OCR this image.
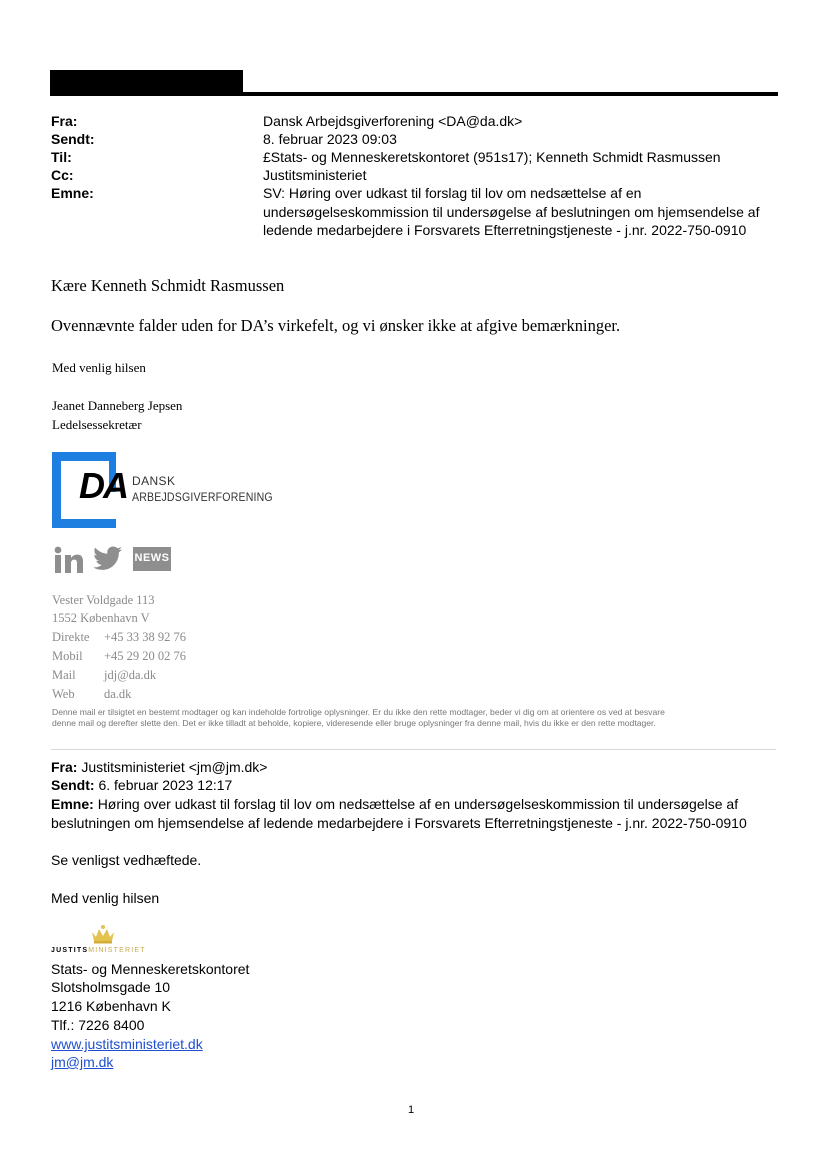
Fra:	Dansk Arbejdsgiverforening <DA@da.dk>
Sendt:	8. februar 2023 09:03
Til:	£Stats- og Menneskeretskontoret (951s17); Kenneth Schmidt Rasmussen
Cc:	Justitsministeriet
Emne:	SV: Høring over udkast til forslag til lov om nedsættelse af en
undersøgelseskommission til undersøgelse af beslutningen om hjemsendelse af
ledende medarbejdere i Forsvarets Efterretningstjeneste - j.nr. 2022-750-0910
Kære Kenneth Schmidt Rasmussen
Ovennævnte falder uden for DA’s virkefelt, og vi ønsker ikke at afgive bemærkninger.
Med venlig hilsen
Jeanet Danneberg Jepsen
Ledelsessekretær
DA DANSK
ARBEJDSGIVERFORENING
NEWS
Vester Voldgade 113
1552 København V
Direkte +45 33 38 92 76
Mobil +45 29 20 02 76
Mail jdj@da.dk
Web da.dk
Denne mail er tilsigtet en bestemt modtager og kan indeholde fortrolige oplysninger. Er du ikke den rette modtager, beder vi dig om at orientere os ved at besvare
denne mail og derefter slette den. Det er ikke tilladt at beholde, kopiere, videresende eller bruge oplysninger fra denne mail, hvis du ikke er den rette modtager.
Fra: Justitsministeriet <jm@jm.dk>
Sendt: 6. februar 2023 12:17
Emne: Høring over udkast til forslag til lov om nedsættelse af en undersøgelseskommission til undersøgelse af
beslutningen om hjemsendelse af ledende medarbejdere i Forsvarets Efterretningstjeneste - j.nr. 2022-750-0910
Se venligst vedhæftede.
Med venlig hilsen
JUSTITSMINISTERIET
Stats- og Menneskeretskontoret
Slotsholmsgade 10
1216 København K
Tlf.: 7226 8400
www.justitsministeriet.dk
jm@jm.dk
1
